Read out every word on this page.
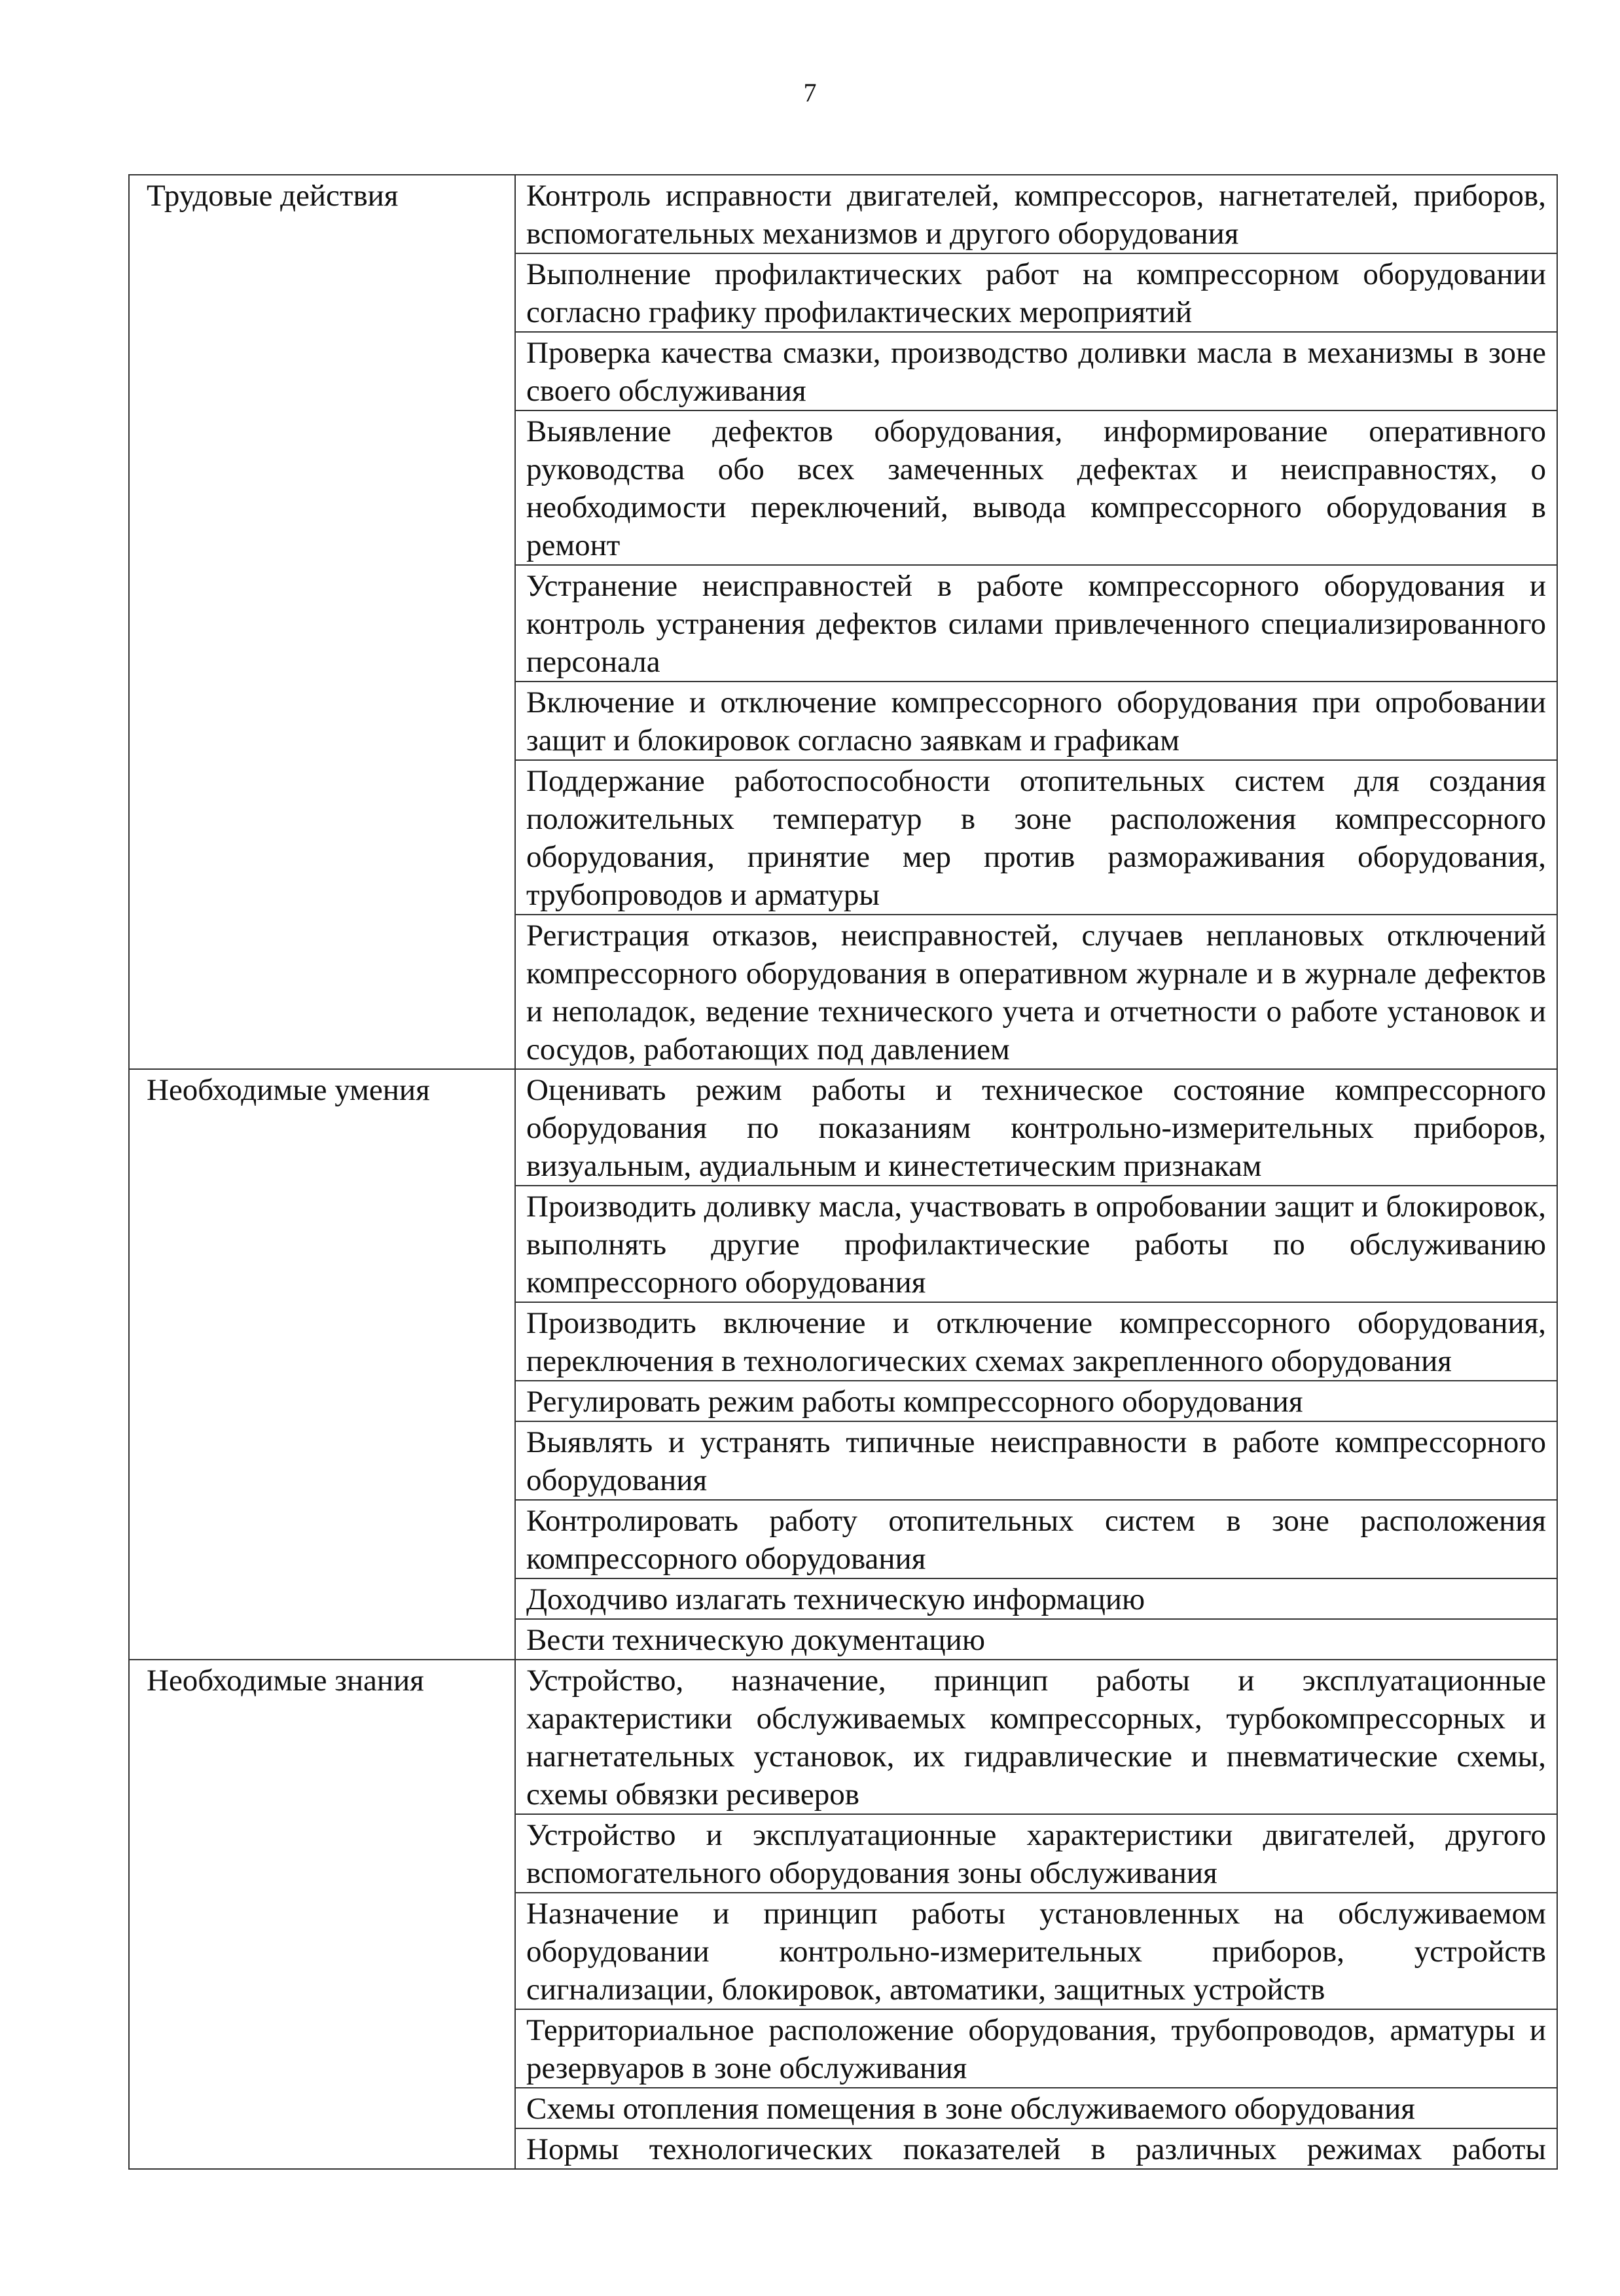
7
Трудовые действия	Контроль исправности двигателей, компрессоров, нагнетателей, приборов, вспомогательных механизмов и другого оборудования
	Выполнение профилактических работ на компрессорном оборудовании согласно графику профилактических мероприятий
	Проверка качества смазки, производство доливки масла в механизмы в зоне своего обслуживания
	Выявление дефектов оборудования, информирование оперативного руководства обо всех замеченных дефектах и неисправностях, о необходимости переключений, вывода компрессорного оборудования в ремонт
	Устранение неисправностей в работе компрессорного оборудования и контроль устранения дефектов силами привлеченного специализированного персонала
	Включение и отключение компрессорного оборудования при опробовании защит и блокировок согласно заявкам и графикам
	Поддержание работоспособности отопительных систем для создания положительных температур в зоне расположения компрессорного оборудования, принятие мер против размораживания оборудования, трубопроводов и арматуры
	Регистрация отказов, неисправностей, случаев неплановых отключений компрессорного оборудования в оперативном журнале и в журнале дефектов и неполадок, ведение технического учета и отчетности о работе установок и сосудов, работающих под давлением
Необходимые умения	Оценивать режим работы и техническое состояние компрессорного оборудования по показаниям контрольно-измерительных приборов, визуальным, аудиальным и кинестетическим признакам
	Производить доливку масла, участвовать в опробовании защит и блокировок, выполнять другие профилактические работы по обслуживанию компрессорного оборудования
	Производить включение и отключение компрессорного оборудования, переключения в технологических схемах закрепленного оборудования
	Регулировать режим работы компрессорного оборудования
	Выявлять и устранять типичные неисправности в работе компрессорного оборудования
	Контролировать работу отопительных систем в зоне расположения компрессорного оборудования
	Доходчиво излагать техническую информацию
	Вести техническую документацию
Необходимые знания	Устройство, назначение, принцип работы и эксплуатационные характеристики обслуживаемых компрессорных, турбокомпрессорных и нагнетательных установок, их гидравлические и пневматические схемы, схемы обвязки ресиверов
	Устройство и эксплуатационные характеристики двигателей, другого вспомогательного оборудования зоны обслуживания
	Назначение и принцип работы установленных на обслуживаемом оборудовании контрольно-измерительных приборов, устройств сигнализации, блокировок, автоматики, защитных устройств
	Территориальное расположение оборудования, трубопроводов, арматуры и резервуаров в зоне обслуживания
	Схемы отопления помещения в зоне обслуживаемого оборудования
	Нормы технологических показателей в различных режимах работы
